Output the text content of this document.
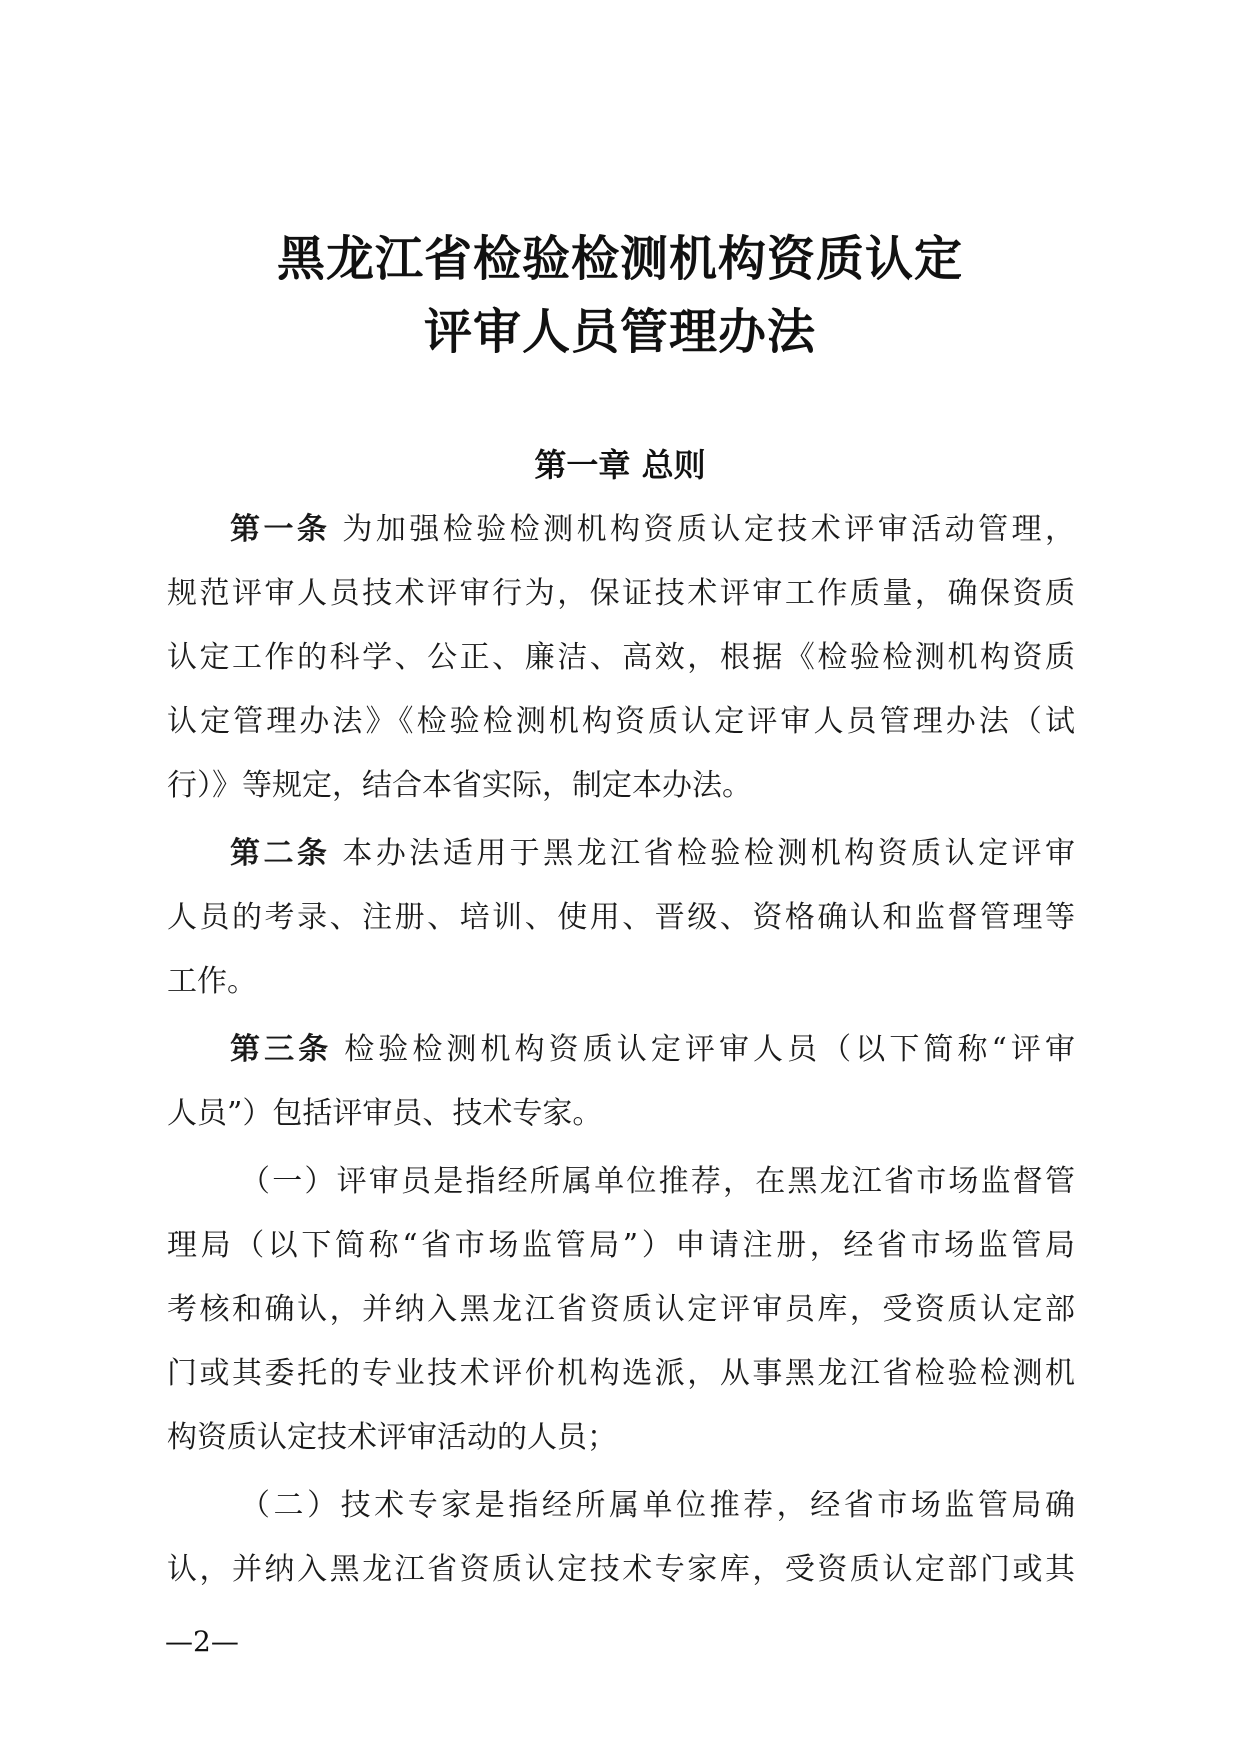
黑龙江省检验检测机构资质认定
评审人员管理办法
第一章 总则
第一条 为加强检验检测机构资质认定技术评审活动管理，
规范评审人员技术评审行为，保证技术评审工作质量，确保资质
认定工作的科学、公正、廉洁、高效，根据《检验检测机构资质
认定管理办法》《检验检测机构资质认定评审人员管理办法（试
行）》等规定，结合本省实际，制定本办法。
第二条 本办法适用于黑龙江省检验检测机构资质认定评审
人员的考录、注册、培训、使用、晋级、资格确认和监督管理等
工作。
第三条 检验检测机构资质认定评审人员（以下简称“评审
人员”）包括评审员、技术专家。
（一）评审员是指经所属单位推荐，在黑龙江省市场监督管
理局（以下简称“省市场监管局”）申请注册，经省市场监管局
考核和确认，并纳入黑龙江省资质认定评审员库，受资质认定部
门或其委托的专业技术评价机构选派，从事黑龙江省检验检测机
构资质认定技术评审活动的人员；
（二）技术专家是指经所属单位推荐，经省市场监管局确
认，并纳入黑龙江省资质认定技术专家库，受资质认定部门或其
—2—
